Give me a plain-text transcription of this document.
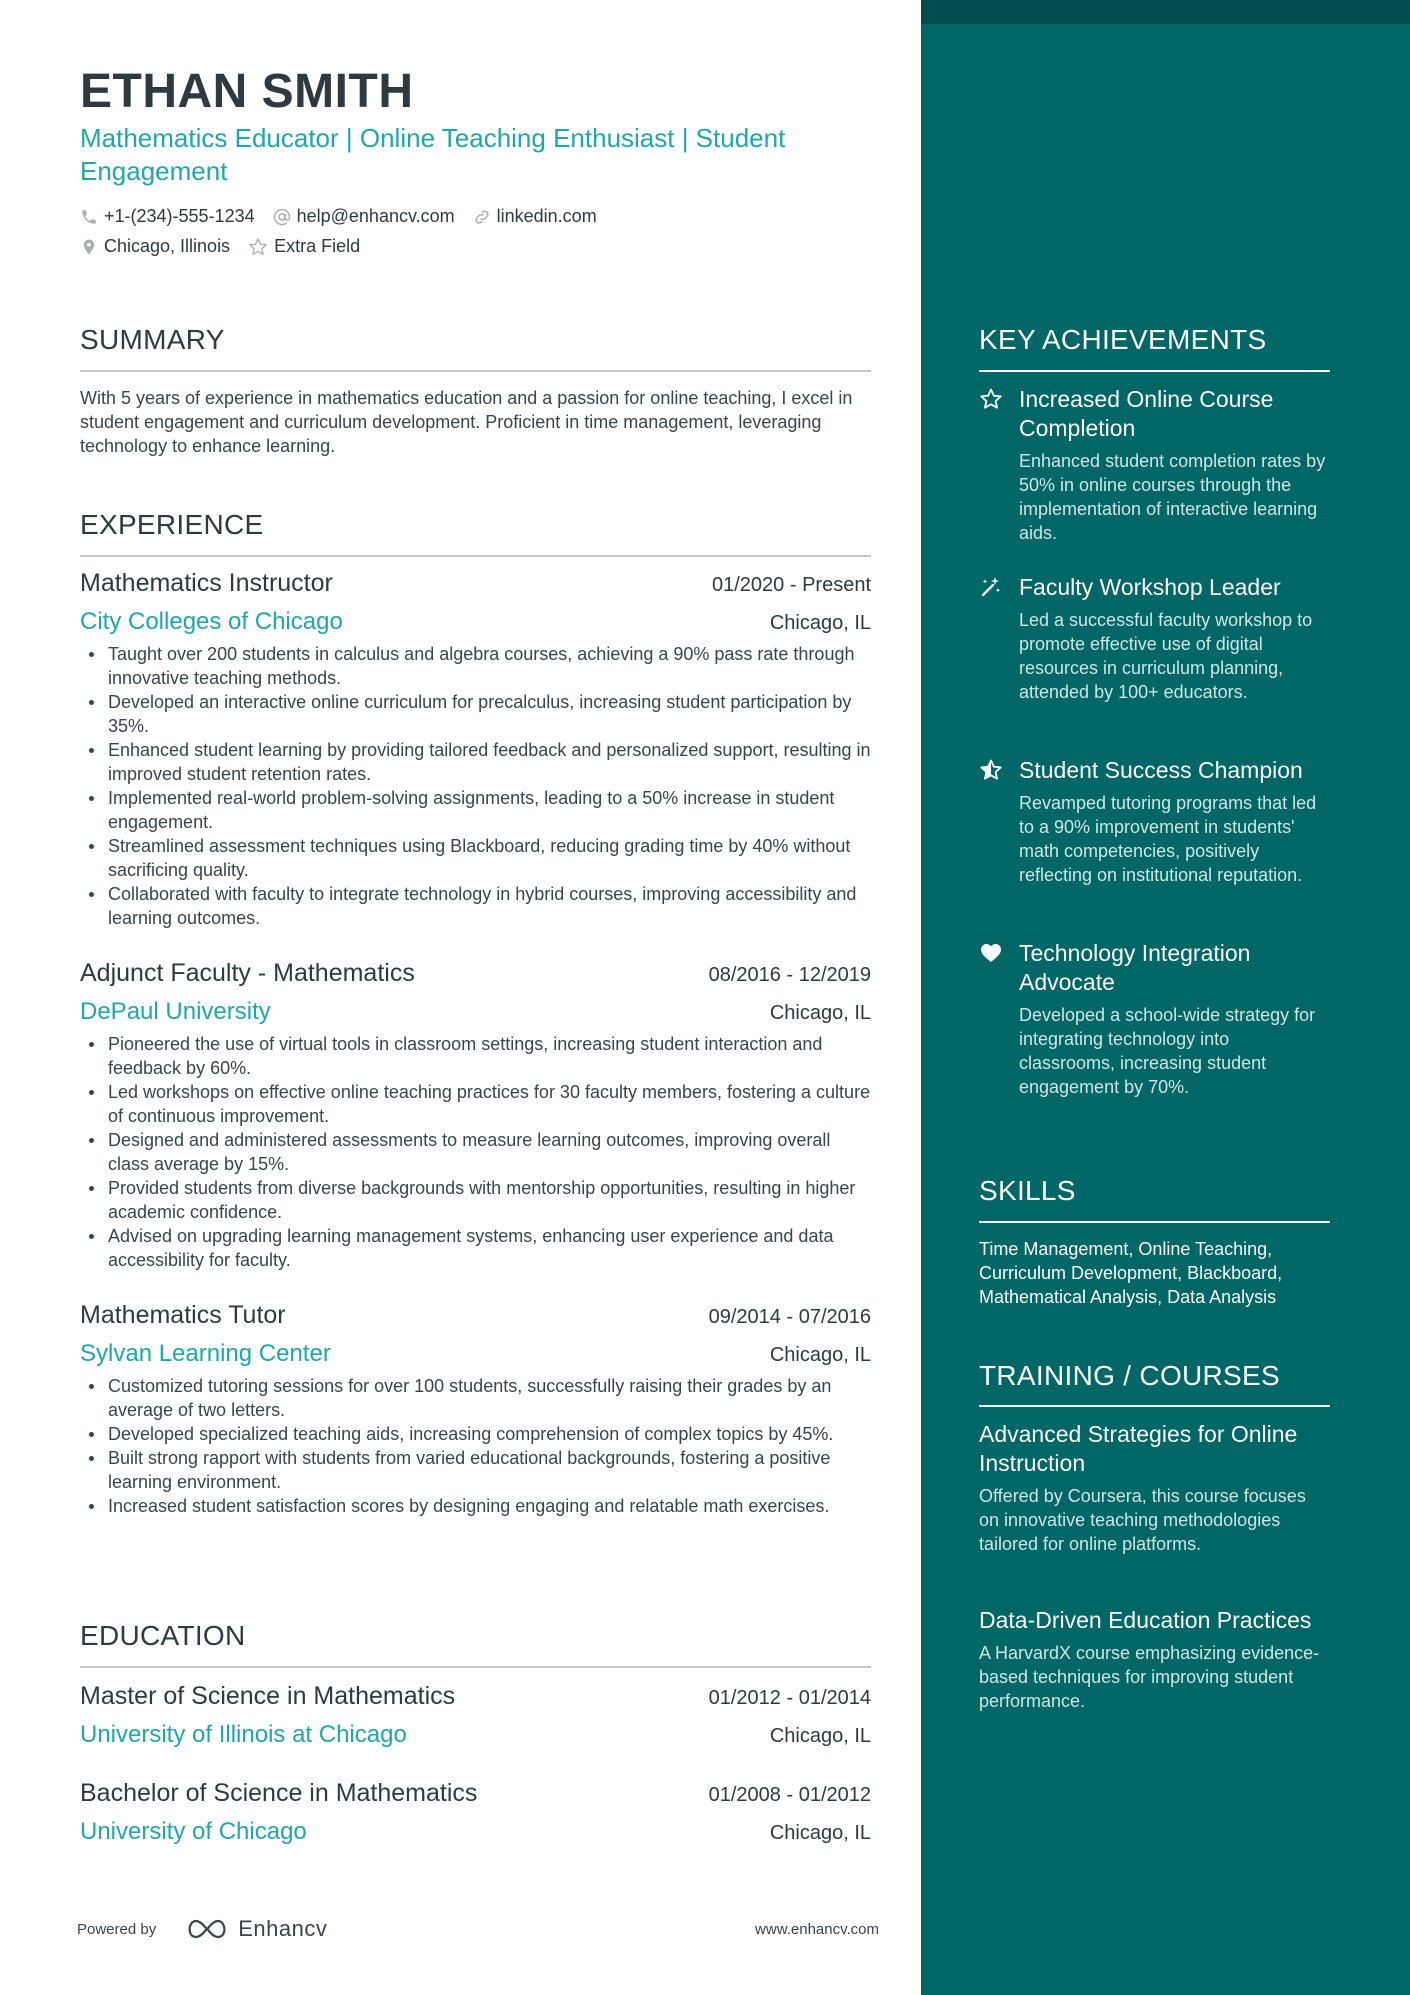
ETHAN SMITH
Mathematics Educator | Online Teaching Enthusiast | Student Engagement
+1-(234)-555-1234 help@enhancv.com linkedin.com
Chicago, Illinois Extra Field
SUMMARY
With 5 years of experience in mathematics education and a passion for online teaching, I excel in student engagement and curriculum development. Proficient in time management, leveraging technology to enhance learning.
EXPERIENCE
Mathematics Instructor	01/2020 - Present
City Colleges of Chicago	Chicago, IL
Taught over 200 students in calculus and algebra courses, achieving a 90% pass rate through innovative teaching methods.
Developed an interactive online curriculum for precalculus, increasing student participation by 35%.
Enhanced student learning by providing tailored feedback and personalized support, resulting in improved student retention rates.
Implemented real-world problem-solving assignments, leading to a 50% increase in student engagement.
Streamlined assessment techniques using Blackboard, reducing grading time by 40% without sacrificing quality.
Collaborated with faculty to integrate technology in hybrid courses, improving accessibility and learning outcomes.
Adjunct Faculty - Mathematics	08/2016 - 12/2019
DePaul University	Chicago, IL
Pioneered the use of virtual tools in classroom settings, increasing student interaction and feedback by 60%.
Led workshops on effective online teaching practices for 30 faculty members, fostering a culture of continuous improvement.
Designed and administered assessments to measure learning outcomes, improving overall class average by 15%.
Provided students from diverse backgrounds with mentorship opportunities, resulting in higher academic confidence.
Advised on upgrading learning management systems, enhancing user experience and data accessibility for faculty.
Mathematics Tutor	09/2014 - 07/2016
Sylvan Learning Center	Chicago, IL
Customized tutoring sessions for over 100 students, successfully raising their grades by an average of two letters.
Developed specialized teaching aids, increasing comprehension of complex topics by 45%.
Built strong rapport with students from varied educational backgrounds, fostering a positive learning environment.
Increased student satisfaction scores by designing engaging and relatable math exercises.
EDUCATION
Master of Science in Mathematics	01/2012 - 01/2014
University of Illinois at Chicago	Chicago, IL
Bachelor of Science in Mathematics	01/2008 - 01/2012
University of Chicago	Chicago, IL
Powered by	Enhancv	www.enhancv.com
KEY ACHIEVEMENTS
Increased Online Course Completion
Enhanced student completion rates by 50% in online courses through the implementation of interactive learning aids.
Faculty Workshop Leader
Led a successful faculty workshop to promote effective use of digital resources in curriculum planning, attended by 100+ educators.
Student Success Champion
Revamped tutoring programs that led to a 90% improvement in students' math competencies, positively reflecting on institutional reputation.
Technology Integration Advocate
Developed a school-wide strategy for integrating technology into classrooms, increasing student engagement by 70%.
SKILLS
Time Management, Online Teaching, Curriculum Development, Blackboard, Mathematical Analysis, Data Analysis
TRAINING / COURSES
Advanced Strategies for Online Instruction
Offered by Coursera, this course focuses on innovative teaching methodologies tailored for online platforms.
Data-Driven Education Practices
A HarvardX course emphasizing evidence-based techniques for improving student performance.
